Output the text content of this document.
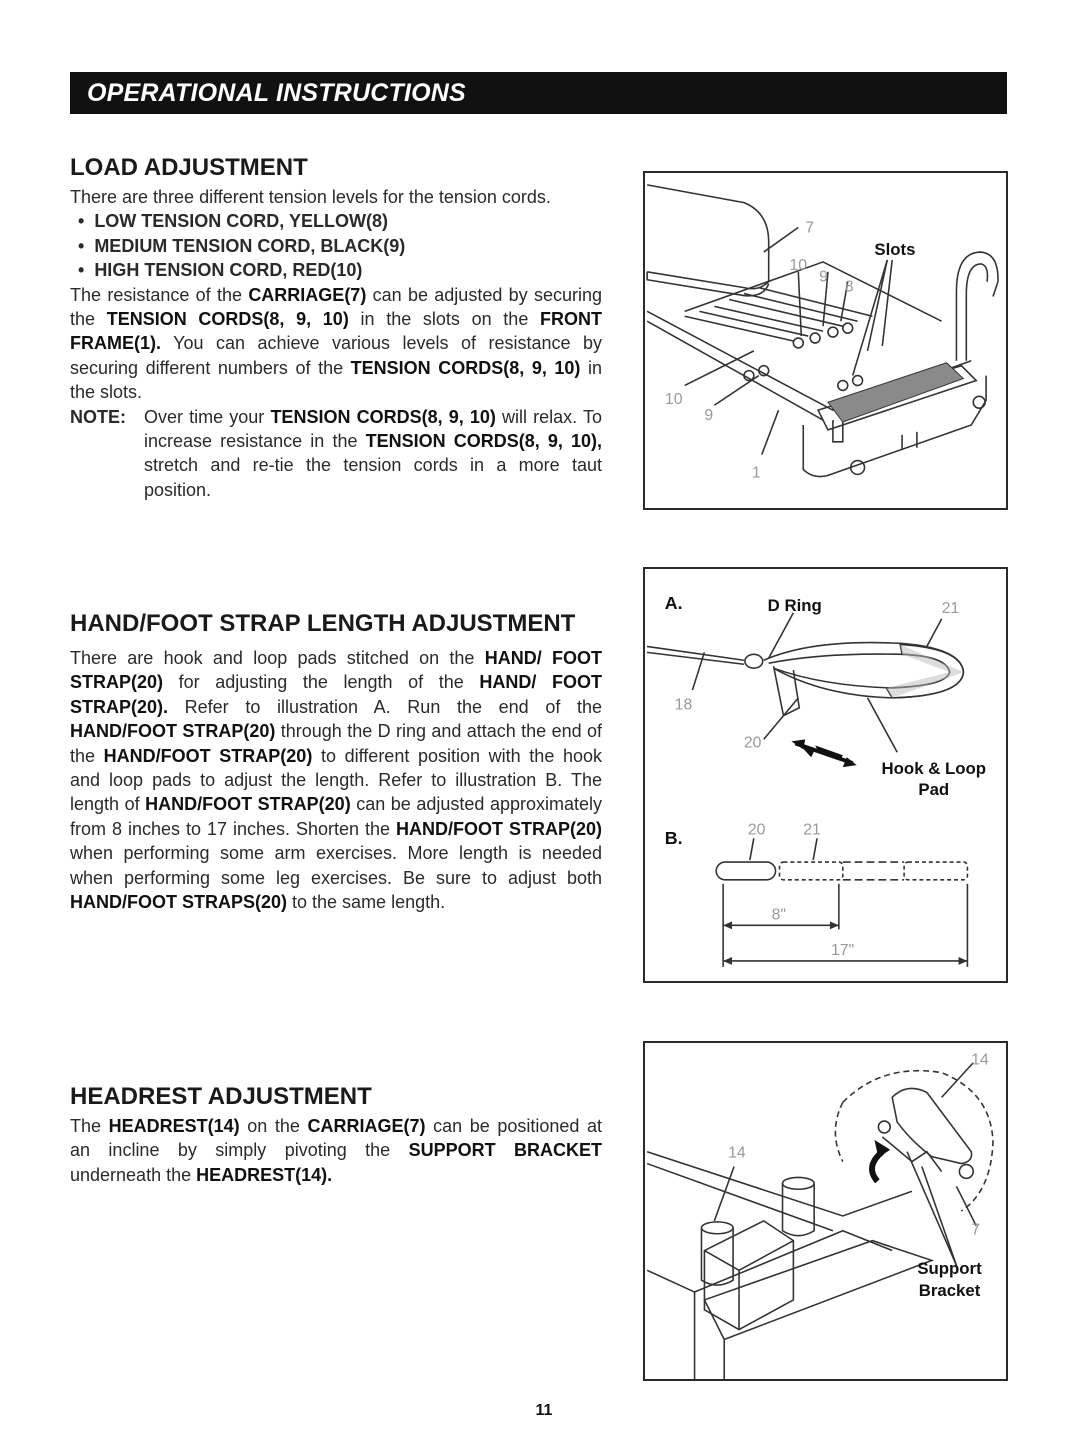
OPERATIONAL INSTRUCTIONS
LOAD ADJUSTMENT
There are three different tension levels for the tension cords.
• LOW TENSION CORD, YELLOW(8)
• MEDIUM TENSION CORD, BLACK(9)
• HIGH TENSION CORD, RED(10)
The resistance of the CARRIAGE(7) can be adjusted by securing the TENSION CORDS(8, 9, 10) in the slots on the FRONT FRAME(1). You can achieve various levels of resistance by securing different numbers of the TENSION CORDS(8, 9, 10) in the slots.
NOTE:	Over time your TENSION CORDS(8, 9, 10) will relax. To increase resistance in the TENSION CORDS(8, 9, 10), stretch and re-tie the tension cords in a more taut position.
7
10
9
8
10
9
1
Slots
HAND/FOOT STRAP LENGTH ADJUSTMENT
There are hook and loop pads stitched on the HAND/ FOOT STRAP(20) for adjusting the length of the HAND/ FOOT STRAP(20). Refer to illustration A. Run the end of the HAND/FOOT STRAP(20) through the D ring and attach the end of the HAND/FOOT STRAP(20) to different position with the hook and loop pads to adjust the length. Refer to illustration B. The length of HAND/FOOT STRAP(20) can be adjusted approximately from 8 inches to 17 inches. Shorten the HAND/FOOT STRAP(20) when performing some arm exercises. More length is needed when performing some leg exercises. Be sure to adjust both HAND/FOOT STRAPS(20) to the same length.
A.
B.
D Ring	21
18
20
Hook & Loop
Pad
20 21
8"
17"
HEADREST ADJUSTMENT
The HEADREST(14) on the CARRIAGE(7) can be positioned at an incline by simply pivoting the SUPPORT BRACKET underneath the HEADREST(14).
14
14
7
Support
Bracket
11
